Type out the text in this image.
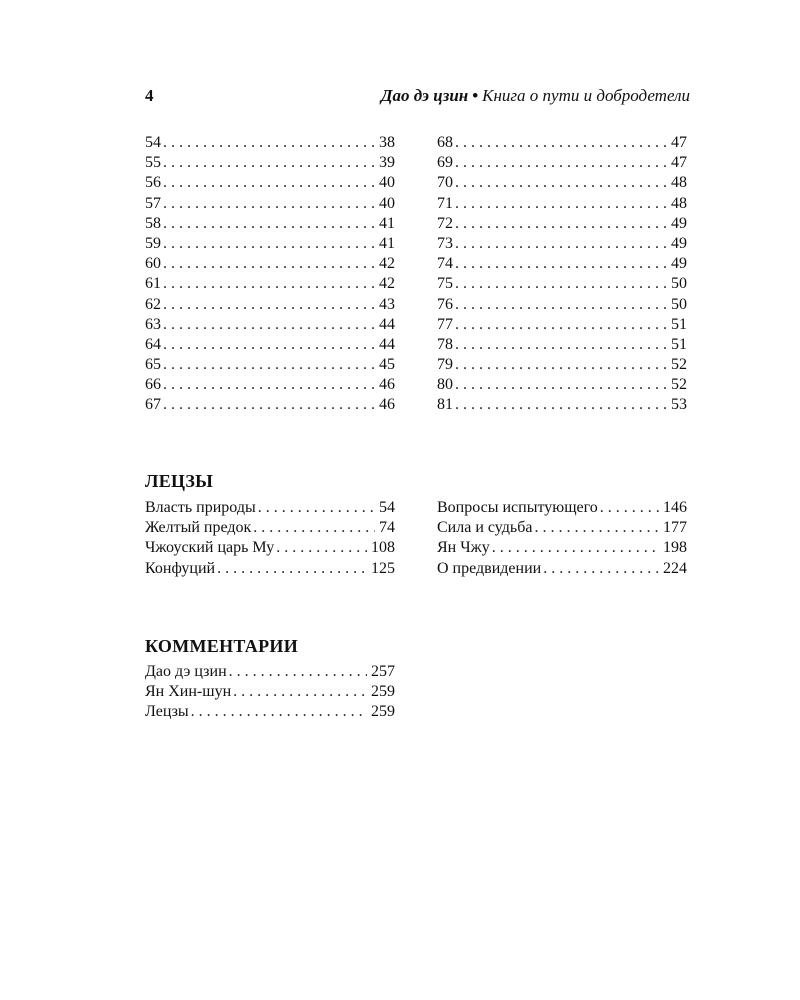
4	Дао дэ цзин • Книга о пути и добродетели
54 . . .	38
55 . . .	39
56 . . .	40
57 . . .	40
58 . . .	41
59 . . .	41
60 . . .	42
61 . . .	42
62 . . .	43
63 . . .	44
64 . . .	44
65 . . .	45
66 . . .	46
67 . . .	46
68 . . .	47
69 . . .	47
70 . . .	48
71 . . .	48
72 . . .	49
73 . . .	49
74 . . .	49
75 . . .	50
76 . . .	50
77 . . .	51
78 . . .	51
79 . . .	52
80 . . .	52
81 . . .	53
ЛЕЦЗЫ
Власть природы . . .	54
Желтый предок . . .	74
Чжоуский царь Му . . .	108
Конфуций . . .	125
Вопросы испытующего . . .	146
Сила и судьба . . .	177
Ян Чжу . . .	198
О предвидении . . .	224
КОММЕНТАРИИ
Дао дэ цзин . . .	257
Ян Хин-шун . . .	259
Лецзы . . .	259
